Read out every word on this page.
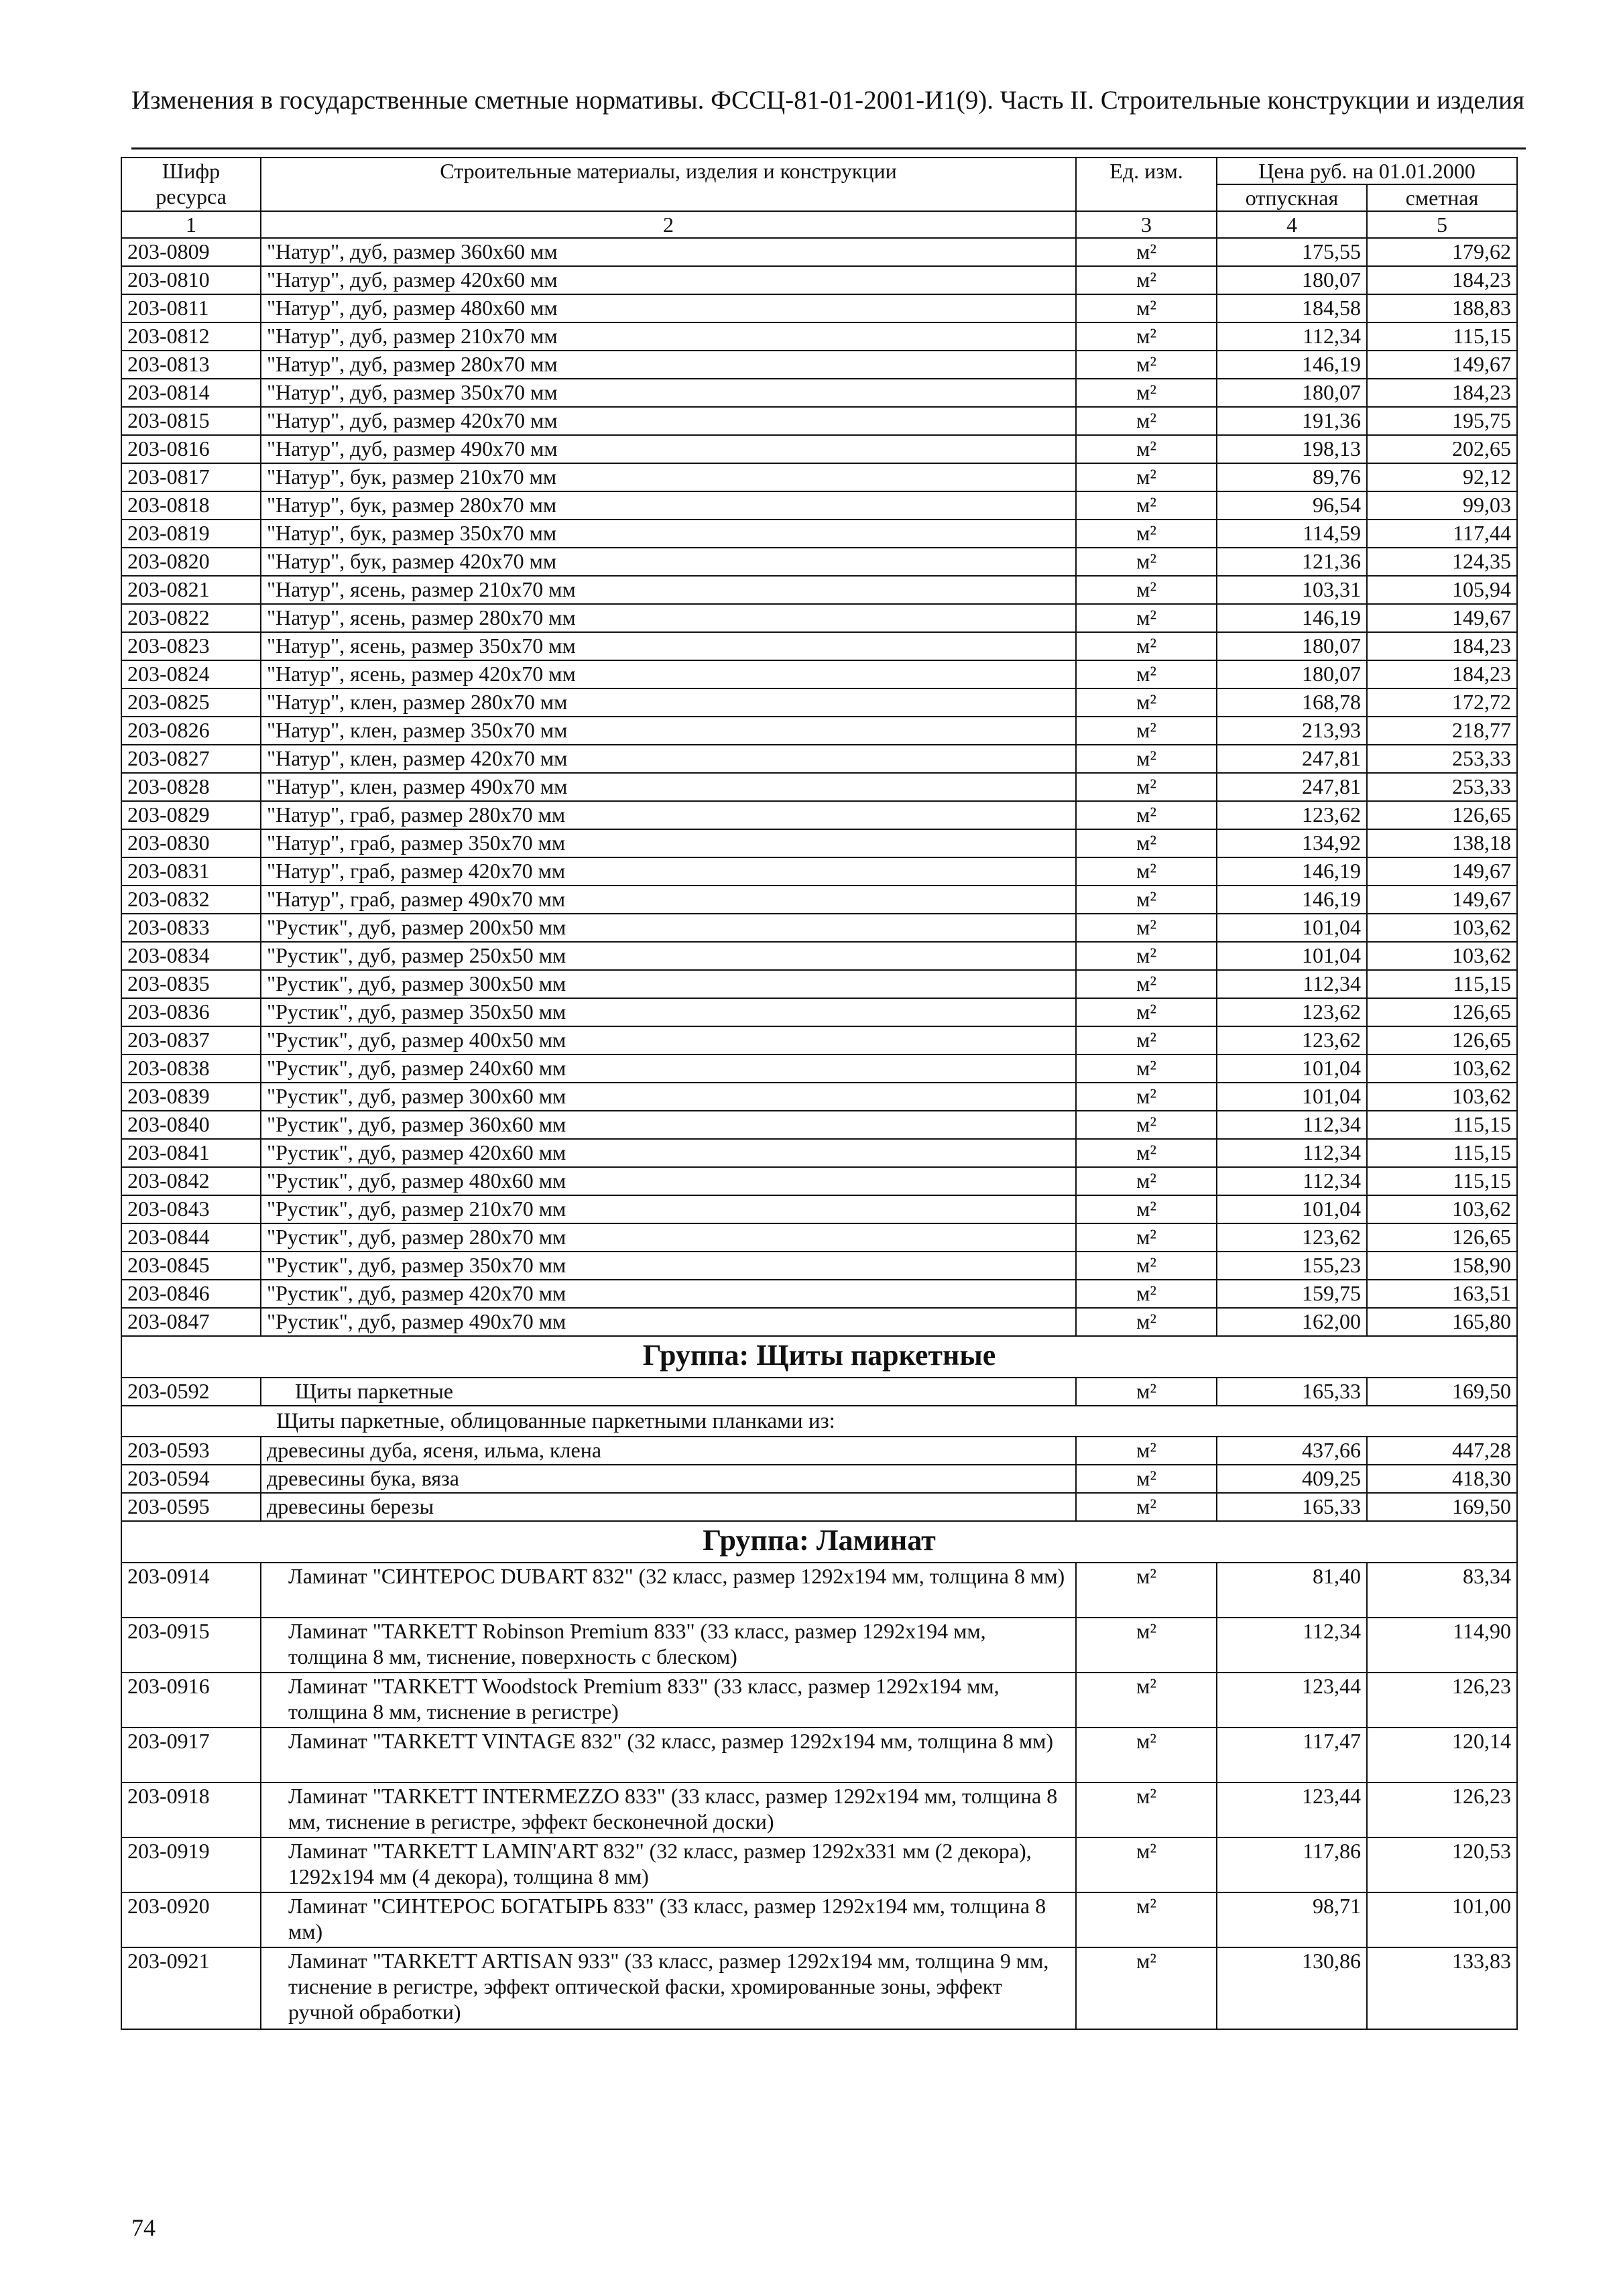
Изменения в государственные сметные нормативы. ФССЦ-81-01-2001-И1(9). Часть II. Строительные конструкции и изделия
Шифр ресурса	Строительные материалы, изделия и конструкции	Ед. изм.	Цена руб. на 01.01.2000	
			отпускная	сметная
1	2	3	4	5
203-0809	"Натур", дуб, размер 360х60 мм	м²	175,55	179,62
203-0810	"Натур", дуб, размер 420х60 мм	м²	180,07	184,23
203-0811	"Натур", дуб, размер 480х60 мм	м²	184,58	188,83
203-0812	"Натур", дуб, размер 210х70 мм	м²	112,34	115,15
203-0813	"Натур", дуб, размер 280х70 мм	м²	146,19	149,67
203-0814	"Натур", дуб, размер 350х70 мм	м²	180,07	184,23
203-0815	"Натур", дуб, размер 420х70 мм	м²	191,36	195,75
203-0816	"Натур", дуб, размер 490х70 мм	м²	198,13	202,65
203-0817	"Натур", бук, размер 210х70 мм	м²	89,76	92,12
203-0818	"Натур", бук, размер 280х70 мм	м²	96,54	99,03
203-0819	"Натур", бук, размер 350х70 мм	м²	114,59	117,44
203-0820	"Натур", бук, размер 420х70 мм	м²	121,36	124,35
203-0821	"Натур", ясень, размер 210х70 мм	м²	103,31	105,94
203-0822	"Натур", ясень, размер 280х70 мм	м²	146,19	149,67
203-0823	"Натур", ясень, размер 350х70 мм	м²	180,07	184,23
203-0824	"Натур", ясень, размер 420х70 мм	м²	180,07	184,23
203-0825	"Натур", клен, размер 280х70 мм	м²	168,78	172,72
203-0826	"Натур", клен, размер 350х70 мм	м²	213,93	218,77
203-0827	"Натур", клен, размер 420х70 мм	м²	247,81	253,33
203-0828	"Натур", клен, размер 490х70 мм	м²	247,81	253,33
203-0829	"Натур", граб, размер 280х70 мм	м²	123,62	126,65
203-0830	"Натур", граб, размер 350х70 мм	м²	134,92	138,18
203-0831	"Натур", граб, размер 420х70 мм	м²	146,19	149,67
203-0832	"Натур", граб, размер 490х70 мм	м²	146,19	149,67
203-0833	"Рустик", дуб, размер 200х50 мм	м²	101,04	103,62
203-0834	"Рустик", дуб, размер 250х50 мм	м²	101,04	103,62
203-0835	"Рустик", дуб, размер 300х50 мм	м²	112,34	115,15
203-0836	"Рустик", дуб, размер 350х50 мм	м²	123,62	126,65
203-0837	"Рустик", дуб, размер 400х50 мм	м²	123,62	126,65
203-0838	"Рустик", дуб, размер 240х60 мм	м²	101,04	103,62
203-0839	"Рустик", дуб, размер 300х60 мм	м²	101,04	103,62
203-0840	"Рустик", дуб, размер 360х60 мм	м²	112,34	115,15
203-0841	"Рустик", дуб, размер 420х60 мм	м²	112,34	115,15
203-0842	"Рустик", дуб, размер 480х60 мм	м²	112,34	115,15
203-0843	"Рустик", дуб, размер 210х70 мм	м²	101,04	103,62
203-0844	"Рустик", дуб, размер 280х70 мм	м²	123,62	126,65
203-0845	"Рустик", дуб, размер 350х70 мм	м²	155,23	158,90
203-0846	"Рустик", дуб, размер 420х70 мм	м²	159,75	163,51
203-0847	"Рустик", дуб, размер 490х70 мм	м²	162,00	165,80
Группа: Щиты паркетные				
203-0592	Щиты паркетные	м²	165,33	169,50
Щиты паркетные, облицованные паркетными планками из:				
203-0593	древесины дуба, ясеня, ильма, клена	м²	437,66	447,28
203-0594	древесины бука, вяза	м²	409,25	418,30
203-0595	древесины березы	м²	165,33	169,50
Группа: Ламинат				
203-0914	Ламинат "СИНТЕРОС DUBART 832" (32 класс, размер 1292х194 мм, толщина 8 мм)	м²	81,40	83,34
203-0915	Ламинат "TARKETT Robinson Premium 833" (33 класс, размер 1292х194 мм, толщина 8 мм, тиснение, поверхность с блеском)	м²	112,34	114,90
203-0916	Ламинат "TARKETT Woodstock Premium 833" (33 класс, размер 1292х194 мм, толщина 8 мм, тиснение в регистре)	м²	123,44	126,23
203-0917	Ламинат "TARKETT VINTAGE 832" (32 класс, размер 1292х194 мм, толщина 8 мм)	м²	117,47	120,14
203-0918	Ламинат "TARKETT INTERMEZZO 833" (33 класс, размер 1292х194 мм, толщина 8 мм, тиснение в регистре, эффект бесконечной доски)	м²	123,44	126,23
203-0919	Ламинат "TARKETT LAMIN'ART 832" (32 класс, размер 1292х331 мм (2 декора), 1292х194 мм (4 декора), толщина 8 мм)	м²	117,86	120,53
203-0920	Ламинат "СИНТЕРОС БОГАТЫРЬ 833" (33 класс, размер 1292х194 мм, толщина 8 мм)	м²	98,71	101,00
203-0921	Ламинат "TARKETT ARTISAN 933" (33 класс, размер 1292х194 мм, толщина 9 мм, тиснение в регистре, эффект оптической фаски, хромированные зоны, эффект ручной обработки)	м²	130,86	133,83
74
